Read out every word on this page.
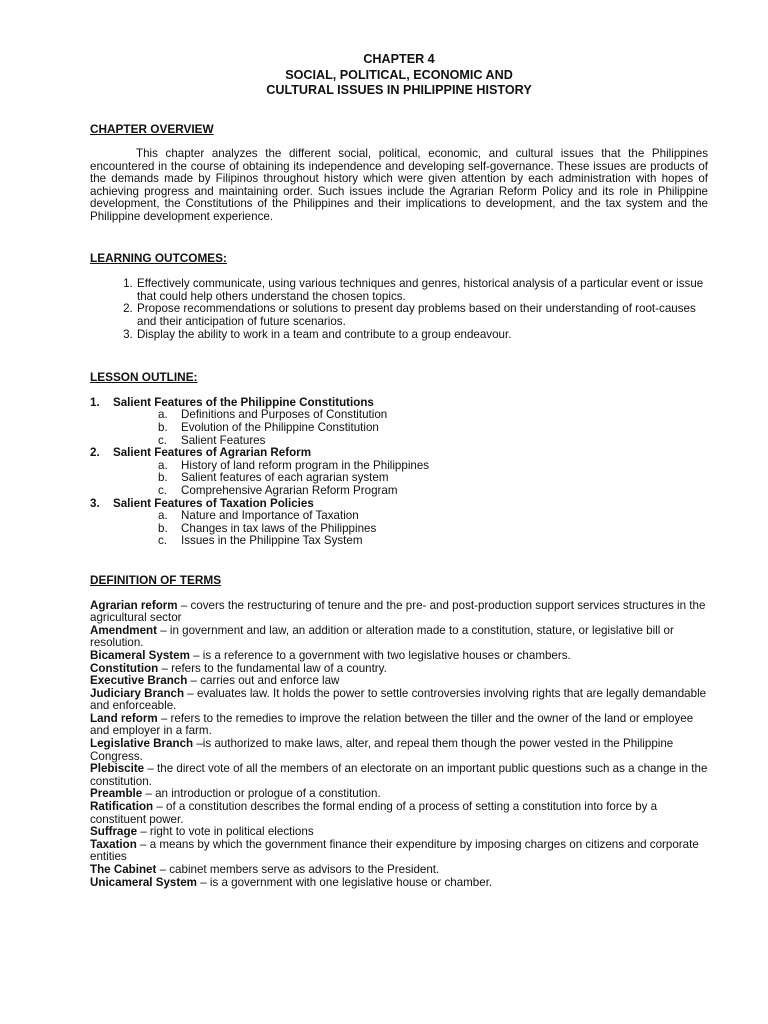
CHAPTER 4
SOCIAL, POLITICAL, ECONOMIC AND
CULTURAL ISSUES IN PHILIPPINE HISTORY
CHAPTER OVERVIEW
This chapter analyzes the different social, political, economic, and cultural issues that the Philippines encountered in the course of obtaining its independence and developing self-governance. These issues are products of the demands made by Filipinos throughout history which were given attention by each administration with hopes of achieving progress and maintaining order. Such issues include the Agrarian Reform Policy and its role in Philippine development, the Constitutions of the Philippines and their implications to development, and the tax system and the Philippine development experience.
LEARNING OUTCOMES:
1. Effectively communicate, using various techniques and genres, historical analysis of a particular event or issue that could help others understand the chosen topics.
2. Propose recommendations or solutions to present day problems based on their understanding of root-causes and their anticipation of future scenarios.
3. Display the ability to work in a team and contribute to a group endeavour.
LESSON OUTLINE:
1. Salient Features of the Philippine Constitutions
a. Definitions and Purposes of Constitution
b. Evolution of the Philippine Constitution
c. Salient Features
2. Salient Features of Agrarian Reform
a. History of land reform program in the Philippines
b. Salient features of each agrarian system
c. Comprehensive Agrarian Reform Program
3. Salient Features of Taxation Policies
a. Nature and Importance of Taxation
b. Changes in tax laws of the Philippines
c. Issues in the Philippine Tax System
DEFINITION OF TERMS
Agrarian reform – covers the restructuring of tenure and the pre- and post-production support services structures in the agricultural sector
Amendment – in government and law, an addition or alteration made to a constitution, stature, or legislative bill or resolution.
Bicameral System – is a reference to a government with two legislative houses or chambers.
Constitution – refers to the fundamental law of a country.
Executive Branch – carries out and enforce law
Judiciary Branch – evaluates law. It holds the power to settle controversies involving rights that are legally demandable and enforceable.
Land reform – refers to the remedies to improve the relation between the tiller and the owner of the land or employee and employer in a farm.
Legislative Branch –is authorized to make laws, alter, and repeal them though the power vested in the Philippine Congress.
Plebiscite – the direct vote of all the members of an electorate on an important public questions such as a change in the constitution.
Preamble – an introduction or prologue of a constitution.
Ratification – of a constitution describes the formal ending of a process of setting a constitution into force by a constituent power.
Suffrage – right to vote in political elections
Taxation – a means by which the government finance their expenditure by imposing charges on citizens and corporate entities
The Cabinet – cabinet members serve as advisors to the President.
Unicameral System – is a government with one legislative house or chamber.
